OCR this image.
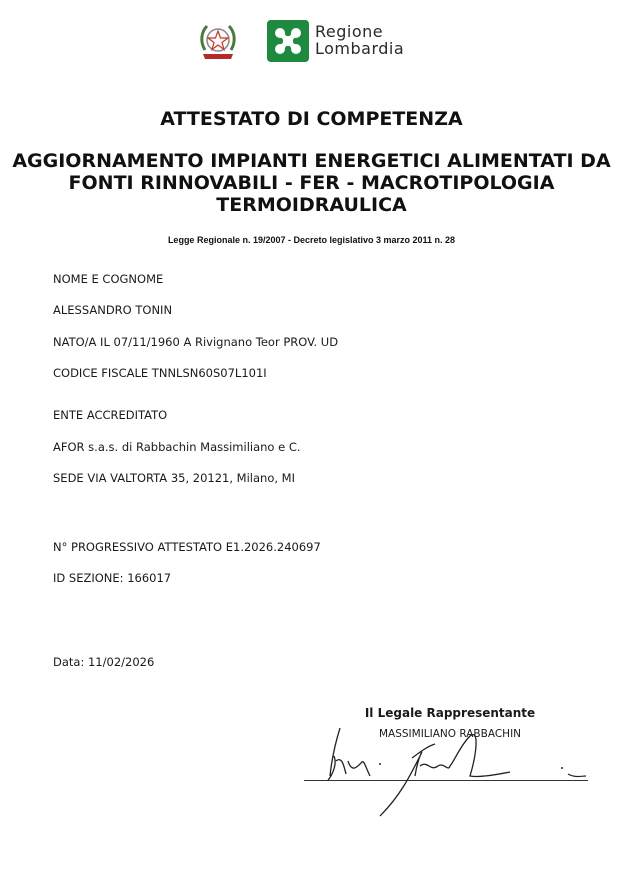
Regione
Lombardia
ATTESTATO DI COMPETENZA
AGGIORNAMENTO IMPIANTI ENERGETICI ALIMENTATI DA
FONTI RINNOVABILI - FER - MACROTIPOLOGIA
TERMOIDRAULICA
Legge Regionale n. 19/2007 - Decreto legislativo 3 marzo 2011 n. 28
NOME E COGNOME
ALESSANDRO TONIN
NATO/A IL 07/11/1960 A Rivignano Teor PROV. UD
CODICE FISCALE TNNLSN60S07L101I
ENTE ACCREDITATO
AFOR s.a.s. di Rabbachin Massimiliano e C.
SEDE VIA VALTORTA 35, 20121, Milano, MI
N° PROGRESSIVO ATTESTATO E1.2026.240697
ID SEZIONE: 166017
Data: 11/02/2026
Il Legale Rappresentante
MASSIMILIANO RABBACHIN
